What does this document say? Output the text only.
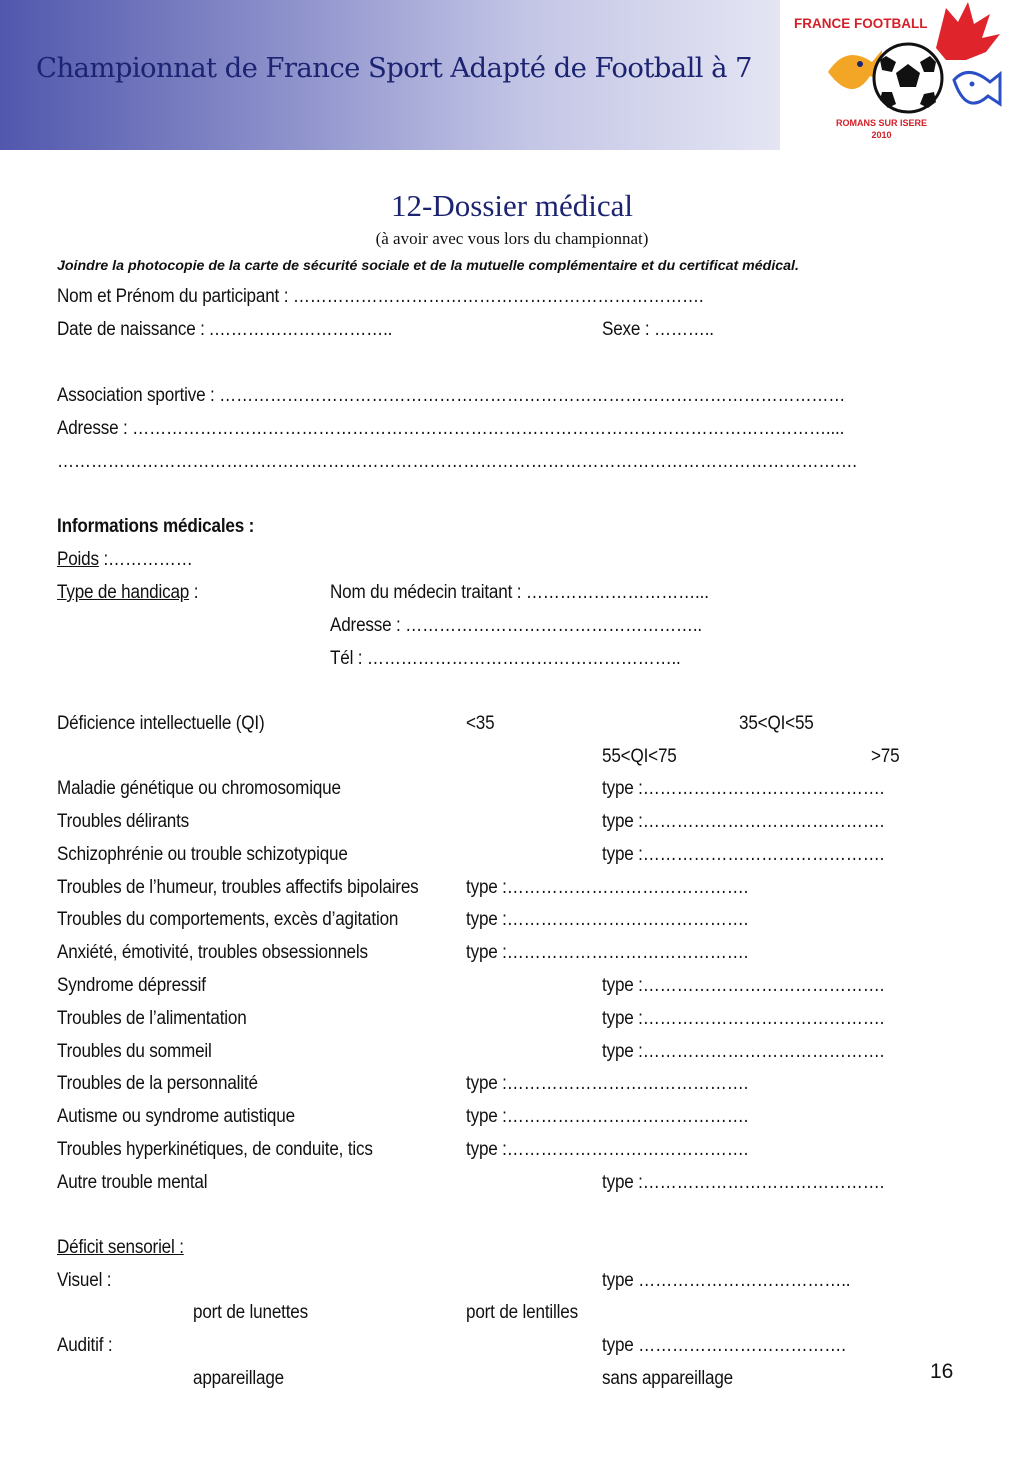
Championnat de France Sport Adapté de Football à 7
FRANCE FOOTBALL
ROMANS SUR ISERE
2010
12-Dossier médical
(à avoir avec vous lors du championnat)
Joindre la photocopie de la carte de sécurité sociale et de la mutuelle complémentaire et du certificat médical.
Nom et Prénom du participant : ……………………………………………………………….
Date de naissance : .…………………………..	Sexe : ………..
Association sportive : …………………………………………………………………………………………………
Adresse : ……………………………………………………………………………………………………………....
…………………………………………………………………………………………………………………………….
Informations médicales :
Poids :……………
Type de handicap :	Nom du médecin traitant : …………………………...
Adresse : ……………………………………………..
Tél : ………………………………………………..
Déficience intellectuelle (QI)	<35	35<QI<55
55<QI<75	>75
Maladie génétique ou chromosomique	type :…………………………………….
Troubles délirants	type :…………………………………….
Schizophrénie ou trouble schizotypique	type :…………………………………….
Troubles de l’humeur, troubles affectifs bipolaires type :…………………………………….
Troubles du comportements, excès d’agitation	type :…………………………………….
Anxiété, émotivité, troubles obsessionnels	type :…………………………………….
Syndrome dépressif	type :…………………………………….
Troubles de l’alimentation	type :…………………………………….
Troubles du sommeil	type :…………………………………….
Troubles de la personnalité	type :…………………………………….
Autisme ou syndrome autistique	type :…………………………………….
Troubles hyperkinétiques, de conduite, tics	type :…………………………………….
Autre trouble mental	type :…………………………………….
Déficit sensoriel :
Visuel :	type ………………………………..
port de lunettes	port de lentilles
Auditif :	type ……………………………….
appareillage	sans appareillage	16
